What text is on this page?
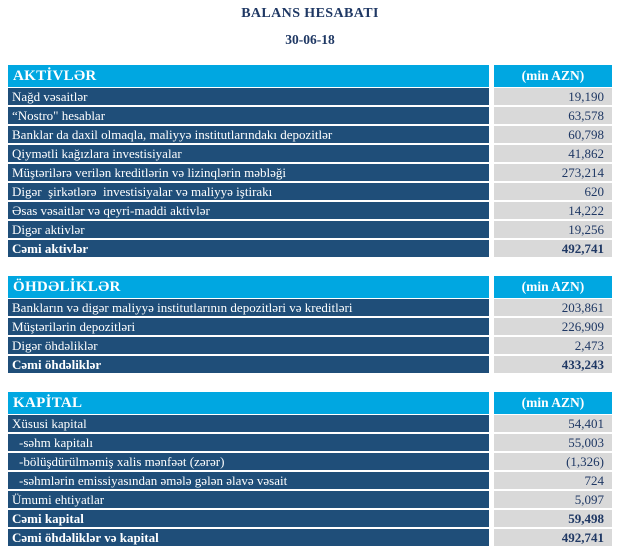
BALANS HESABATI
30-06-18
AKTİVLƏR	(min AZN)
Nağd vəsaitlər	19,190
“Nostro" hesablar	63,578
Banklar da daxil olmaqla, maliyyə institutlarındakı depozitlər	60,798
Qiymətli kağızlara investisiyalar	41,862
Müştərilərə verilən kreditlərin və lizinqlərin məbləği	273,214
Digər  şirkətlərə  investisiyalar və maliyyə iştirakı	620
Əsas vəsaitlər və qeyri-maddi aktivlər	14,222
Digər aktivlər	19,256
Cəmi aktivlər	492,741
ÖHDƏLİKLƏR	(min AZN)
Bankların və digər maliyyə institutlarının depozitləri və kreditləri	203,861
Müştərilərin depozitləri	226,909
Digər öhdəliklər	2,473
Cəmi öhdəliklər	433,243
KAPİTAL	(min AZN)
Xüsusi kapital	54,401
-səhm kapitalı	55,003
-bölüşdürülməmiş xalis mənfəət (zərər)	(1,326)
-səhmlərin emissiyasından əmələ gələn əlavə vəsait	724
Ümumi ehtiyatlar	5,097
Cəmi kapital	59,498
Cəmi öhdəliklər və kapital	492,741
